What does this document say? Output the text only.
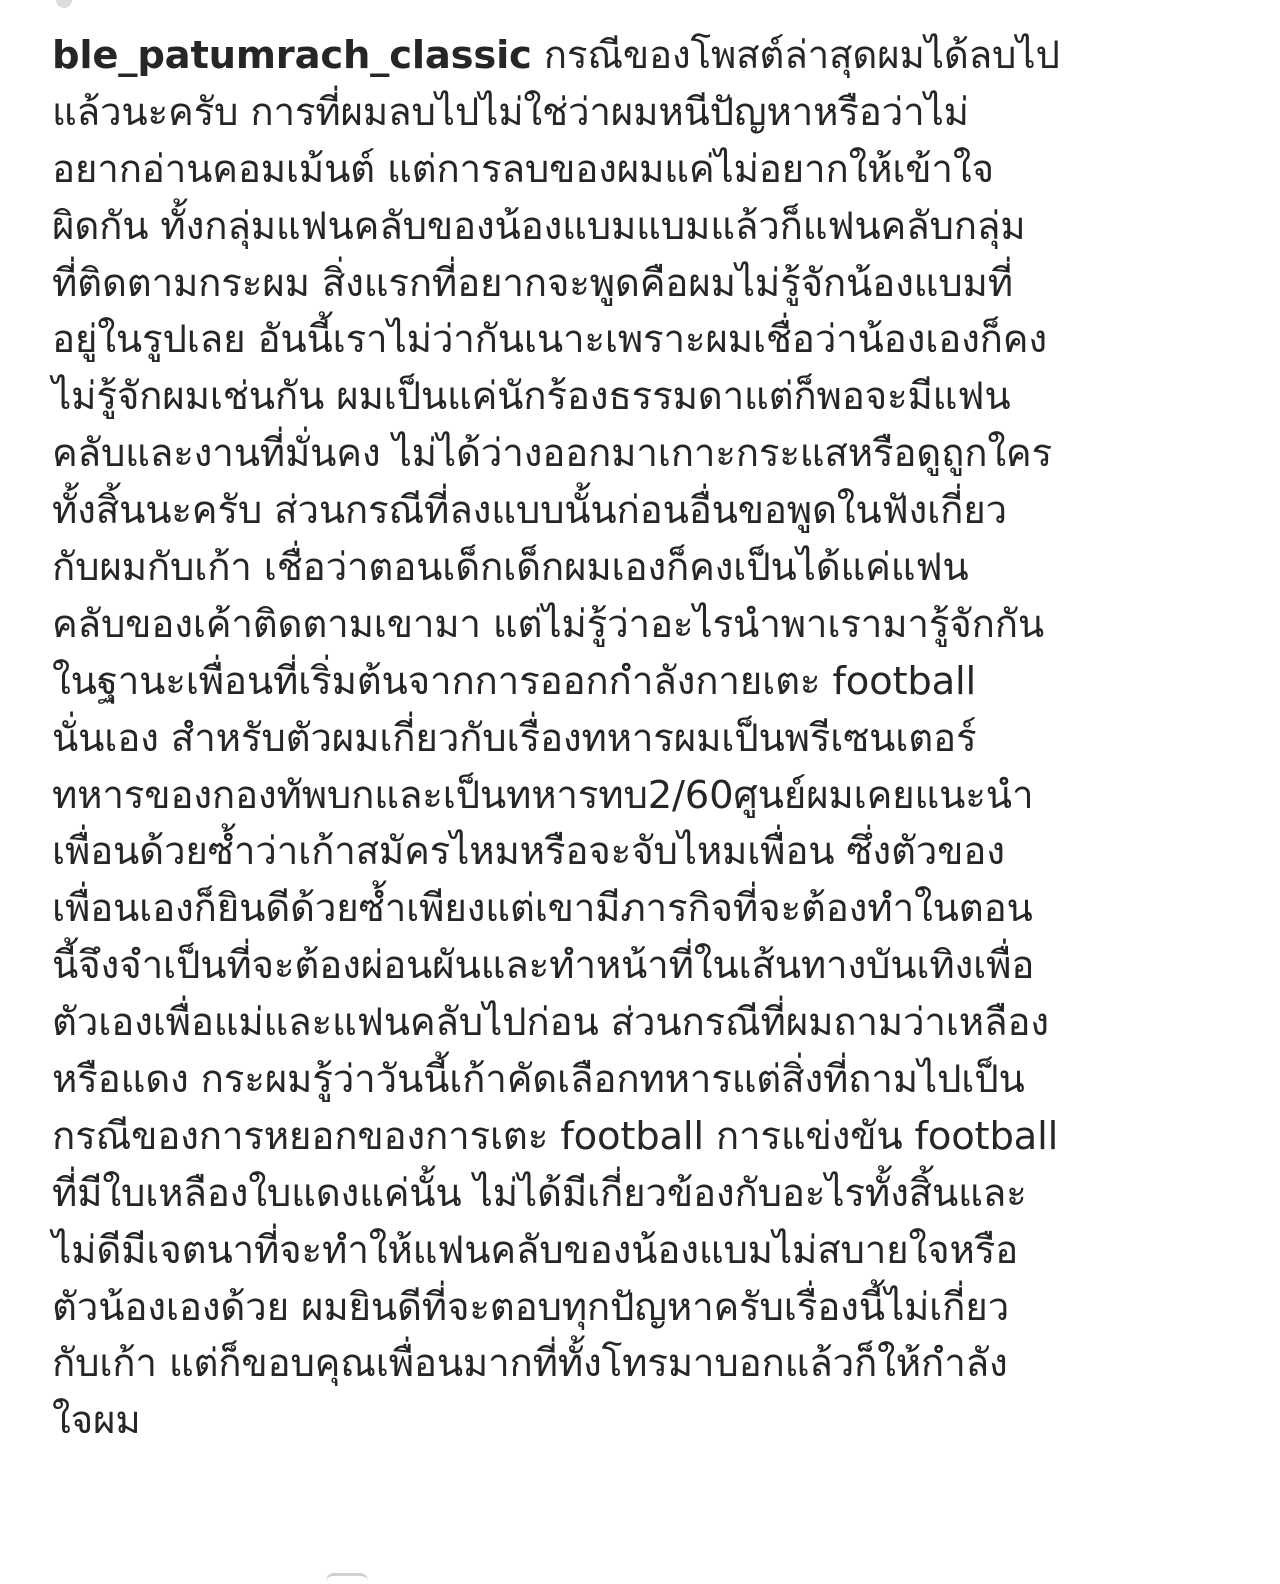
ble_patumrach_classic กรณีของโพสต์ล่าสุดผมได้ลบไป
แล้วนะครับ การที่ผมลบไปไม่ใช่ว่าผมหนีปัญหาหรือว่าไม่
อยากอ่านคอมเม้นต์ แต่การลบของผมแค่ไม่อยากให้เข้าใจ
ผิดกัน ทั้งกลุ่มแฟนคลับของน้องแบมแบมแล้วก็แฟนคลับกลุ่ม
ที่ติดตามกระผม สิ่งแรกที่อยากจะพูดคือผมไม่รู้จักน้องแบมที่
อยู่ในรูปเลย อันนี้เราไม่ว่ากันเนาะเพราะผมเชื่อว่าน้องเองก็คง
ไม่รู้จักผมเช่นกัน ผมเป็นแค่นักร้องธรรมดาแต่ก็พอจะมีแฟน
คลับและงานที่มั่นคง ไม่ได้ว่างออกมาเกาะกระแสหรือดูถูกใคร
ทั้งสิ้นนะครับ ส่วนกรณีที่ลงแบบนั้นก่อนอื่นขอพูดในฟังเกี่ยว
กับผมกับเก้า เชื่อว่าตอนเด็กเด็กผมเองก็คงเป็นได้แค่แฟน
คลับของเค้าติดตามเขามา แต่ไม่รู้ว่าอะไรนำพาเรามารู้จักกัน
ในฐานะเพื่อนที่เริ่มต้นจากการออกกำลังกายเตะ football
นั่นเอง สำหรับตัวผมเกี่ยวกับเรื่องทหารผมเป็นพรีเซนเตอร์
ทหารของกองทัพบกและเป็นทหารทบ2/60ศูนย์ผมเคยแนะนำ
เพื่อนด้วยซ้ำว่าเก้าสมัครไหมหรือจะจับไหมเพื่อน ซึ่งตัวของ
เพื่อนเองก็ยินดีด้วยซ้ำเพียงแต่เขามีภารกิจที่จะต้องทำในตอน
นี้จึงจำเป็นที่จะต้องผ่อนผันและทำหน้าที่ในเส้นทางบันเทิงเพื่อ
ตัวเองเพื่อแม่และแฟนคลับไปก่อน ส่วนกรณีที่ผมถามว่าเหลือง
หรือแดง กระผมรู้ว่าวันนี้เก้าคัดเลือกทหารแต่สิ่งที่ถามไปเป็น
กรณีของการหยอกของการเตะ football การแข่งขัน football
ที่มีใบเหลืองใบแดงแค่นั้น ไม่ได้มีเกี่ยวข้องกับอะไรทั้งสิ้นและ
ไม่ดีมีเจตนาที่จะทำให้แฟนคลับของน้องแบมไม่สบายใจหรือ
ตัวน้องเองด้วย ผมยินดีที่จะตอบทุกปัญหาครับเรื่องนี้ไม่เกี่ยว
กับเก้า แต่ก็ขอบคุณเพื่อนมากที่ทั้งโทรมาบอกแล้วก็ให้กำลัง
ใจผม
